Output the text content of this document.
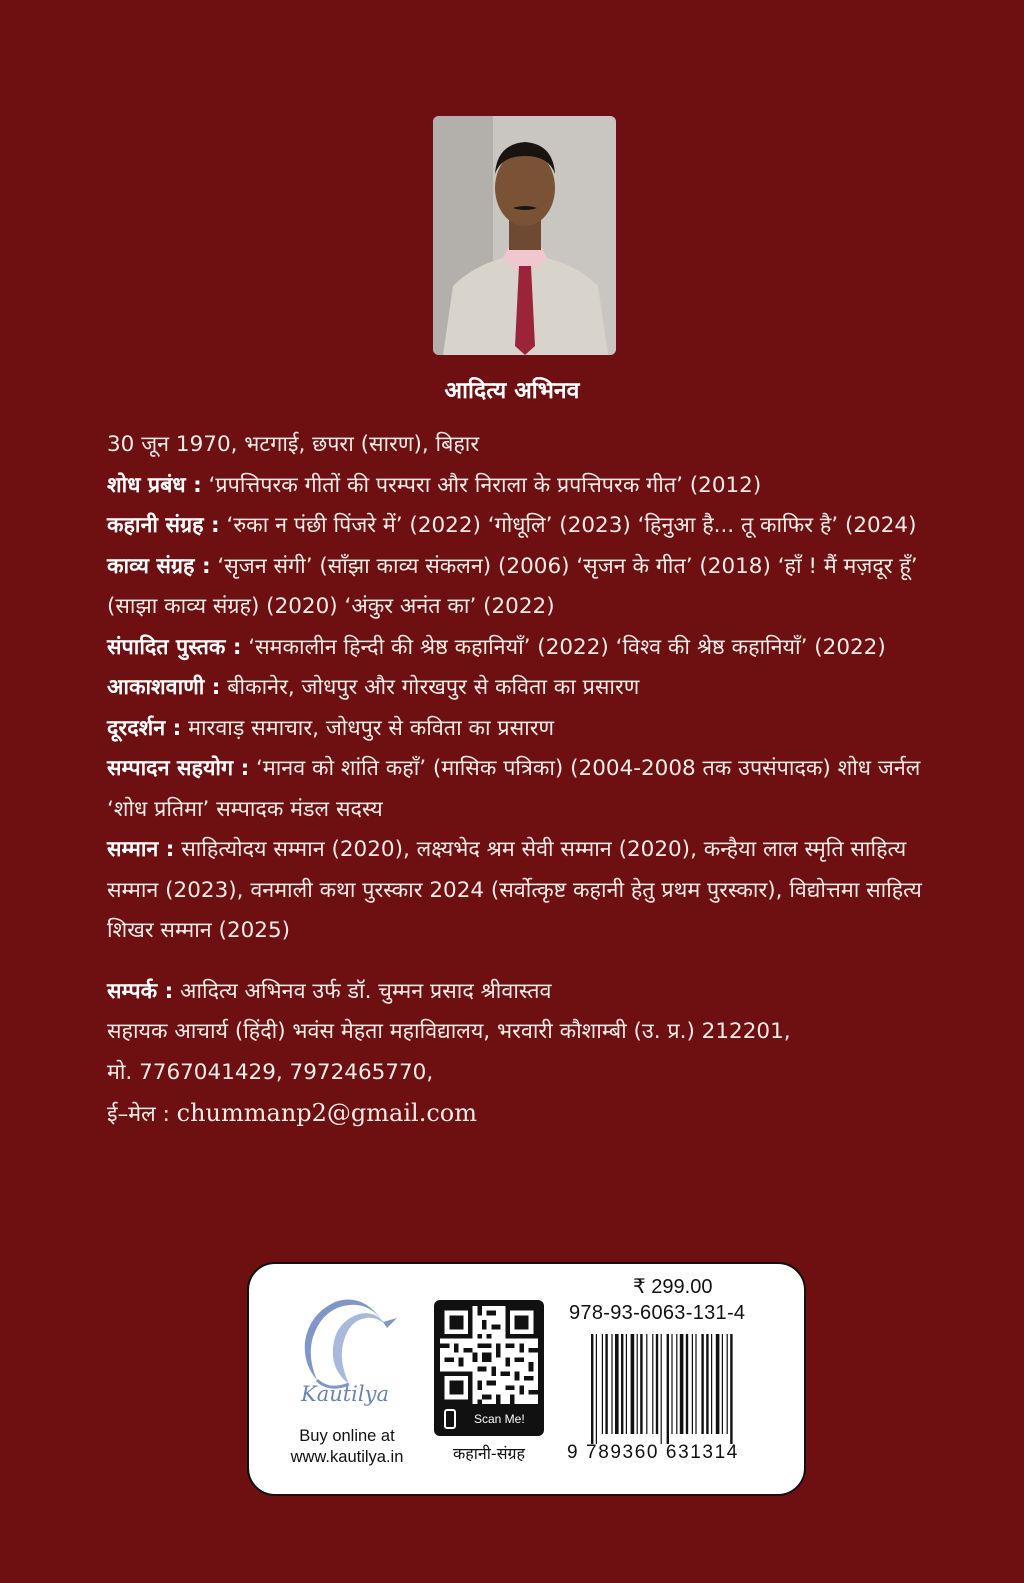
आदित्य अभिनव

30 जून 1970, भटगाई, छपरा (सारण), बिहार

शोध प्रबंध : ‘प्रपत्तिपरक गीतों की परम्परा और निराला के प्रपत्तिपरक गीत’ (2012)

कहानी संग्रह : ‘रुका न पंछी पिंजरे में’ (2022) ‘गोधूलि’ (2023) ‘हिनुआ है... तू काफिर है’ (2024)

काव्य संग्रह : ‘सृजन संगी’ (साँझा काव्य संकलन) (2006) ‘सृजन के गीत’ (2018) ‘हाँ ! मैं मज़दूर हूँ’ (साझा काव्य संग्रह) (2020) ‘अंकुर अनंत का’ (2022)

संपादित पुस्तक : ‘समकालीन हिन्दी की श्रेष्ठ कहानियाँ’ (2022) ‘विश्व की श्रेष्ठ कहानियाँ’ (2022)

आकाशवाणी : बीकानेर, जोधपुर और गोरखपुर से कविता का प्रसारण

दूरदर्शन : मारवाड़ समाचार, जोधपुर से कविता का प्रसारण

सम्पादन सहयोग : ‘मानव को शांति कहाँ’ (मासिक पत्रिका) (2004-2008 तक उपसंपादक) शोध जर्नल ‘शोध प्रतिमा’ सम्पादक मंडल सदस्य

सम्मान : साहित्योदय सम्मान (2020), लक्ष्यभेद श्रम सेवी सम्मान (2020), कन्हैया लाल स्मृति साहित्य सम्मान (2023), वनमाली कथा पुरस्कार 2024 (सर्वोत्कृष्ट कहानी हेतु प्रथम पुरस्कार), विद्योत्तमा साहित्य शिखर सम्मान (2025)

सम्पर्क : आदित्य अभिनव उर्फ डॉ. चुम्मन प्रसाद श्रीवास्तव

सहायक आचार्य (हिंदी) भवंस मेहता महाविद्यालय, भरवारी कौशाम्बी (उ. प्र.) 212201,

मो. 7767041429, 7972465770,

ई–मेल : chummanp2@gmail.com

Kautilya
Buy online at
www.kautilya.in
Scan Me!
कहानी-संग्रह
₹ 299.00
978-93-6063-131-4
9 789360 631314
